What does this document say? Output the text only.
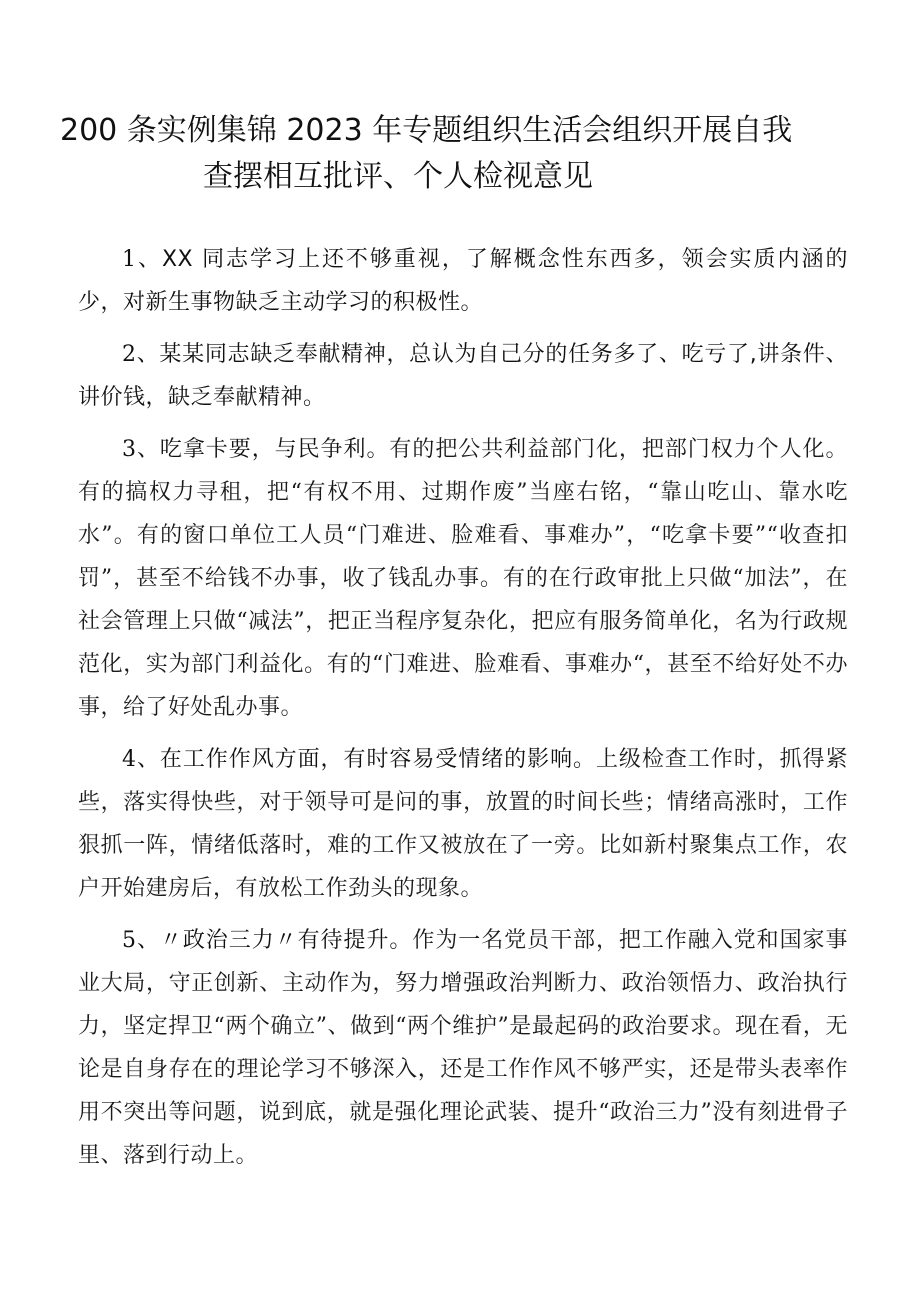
200 条实例集锦 2023 年专题组织生活会组织开展自我
查摆相互批评、个人检视意见

1、XX 同志学习上还不够重视，了解概念性东西多，领会实质内涵的少，对新生事物缺乏主动学习的积极性。

2、某某同志缺乏奉献精神，总认为自己分的任务多了、吃亏了,讲条件、讲价钱，缺乏奉献精神。

3、吃拿卡要，与民争利。有的把公共利益部门化，把部门权力个人化。有的搞权力寻租，把“有权不用、过期作废”当座右铭，“靠山吃山、靠水吃水”。有的窗口单位工人员“门难进、脸难看、事难办”，“吃拿卡要”“收查扣罚”，甚至不给钱不办事，收了钱乱办事。有的在行政审批上只做“加法”，在社会管理上只做“减法”，把正当程序复杂化，把应有服务简单化，名为行政规范化，实为部门利益化。有的“门难进、脸难看、事难办“，甚至不给好处不办事，给了好处乱办事。

4、在工作作风方面，有时容易受情绪的影响。上级检查工作时，抓得紧些，落实得快些，对于领导可是问的事，放置的时间长些；情绪高涨时，工作狠抓一阵，情绪低落时，难的工作又被放在了一旁。比如新村聚集点工作，农户开始建房后，有放松工作劲头的现象。

5、〃政治三力〃有待提升。作为一名党员干部，把工作融入党和国家事业大局，守正创新、主动作为，努力增强政治判断力、政治领悟力、政治执行力，坚定捍卫“两个确立”、做到“两个维护”是最起码的政治要求。现在看，无论是自身存在的理论学习不够深入，还是工作作风不够严实，还是带头表率作用不突出等问题，说到底，就是强化理论武装、提升“政治三力”没有刻进骨子里、落到行动上。
